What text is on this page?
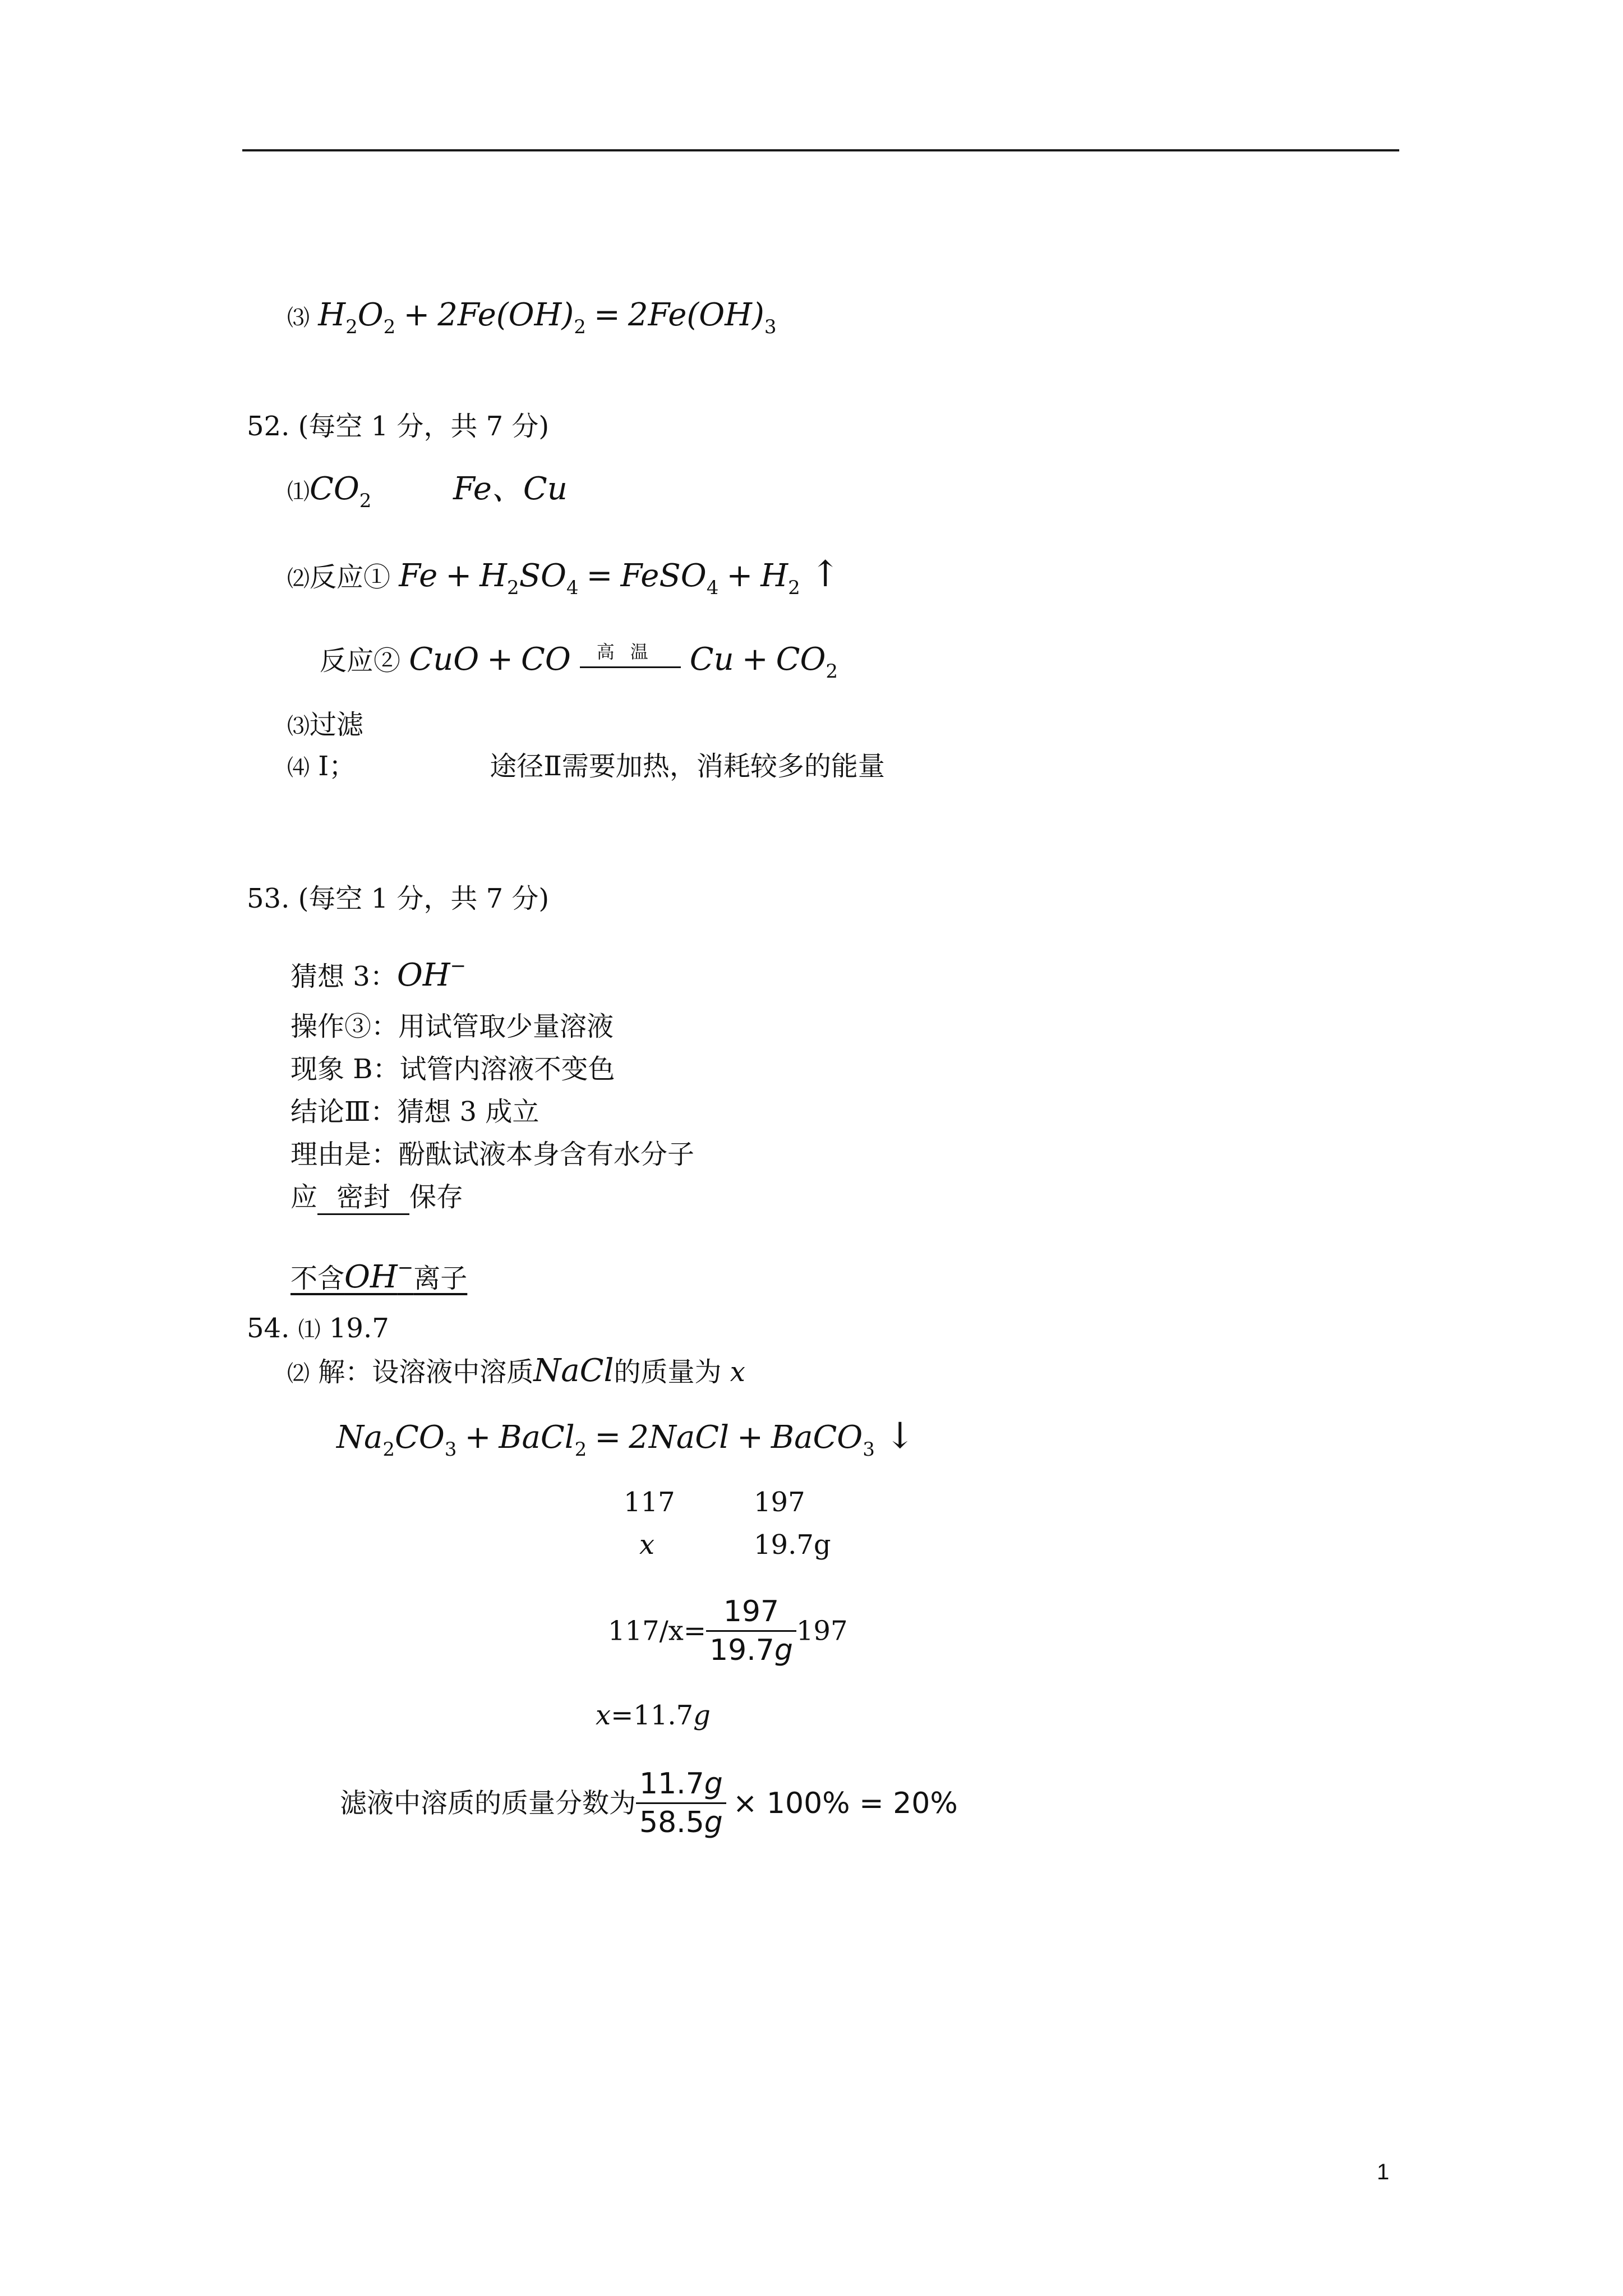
⑶ $H_2O_2 + 2Fe(OH)_2 = 2Fe(OH)_3$
52. (每空 1 分，共 7 分)
$⑴CO_2$	Fe、Cu
⑵反应① $Fe + H_2SO_4$ = FeSO$_4$ + $H_2$ ↑
反应② CuO + CO	高温 $Cu + CO_2$
⑶过滤
⑷ Ⅰ；	途径Ⅱ需要加热，消耗较多的能量
53. (每空 1 分，共 7 分)
猜想 3：OH−
操作③：用试管取少量溶液
现象 B：试管内溶液不变色
结论Ⅲ：猜想 3 成立
理由是：酚酞试液本身含有水分子
应 密封 保存
不含OH−离子
54. ⑴ 19.7
⑵ 解：设溶液中溶质NaCl的质量为 x
$Na_2CO_3$ + BaCl$_2$ = 2NaCl + BaCO$_3$ ↓
117	197
x	19.7g
$117/x= \frac{197}{19.7g} 197$
x=11.7g
滤液中溶质的质量分数为 $\frac{11.7g}{58.5g} \times 100\% = 20\%$
1
